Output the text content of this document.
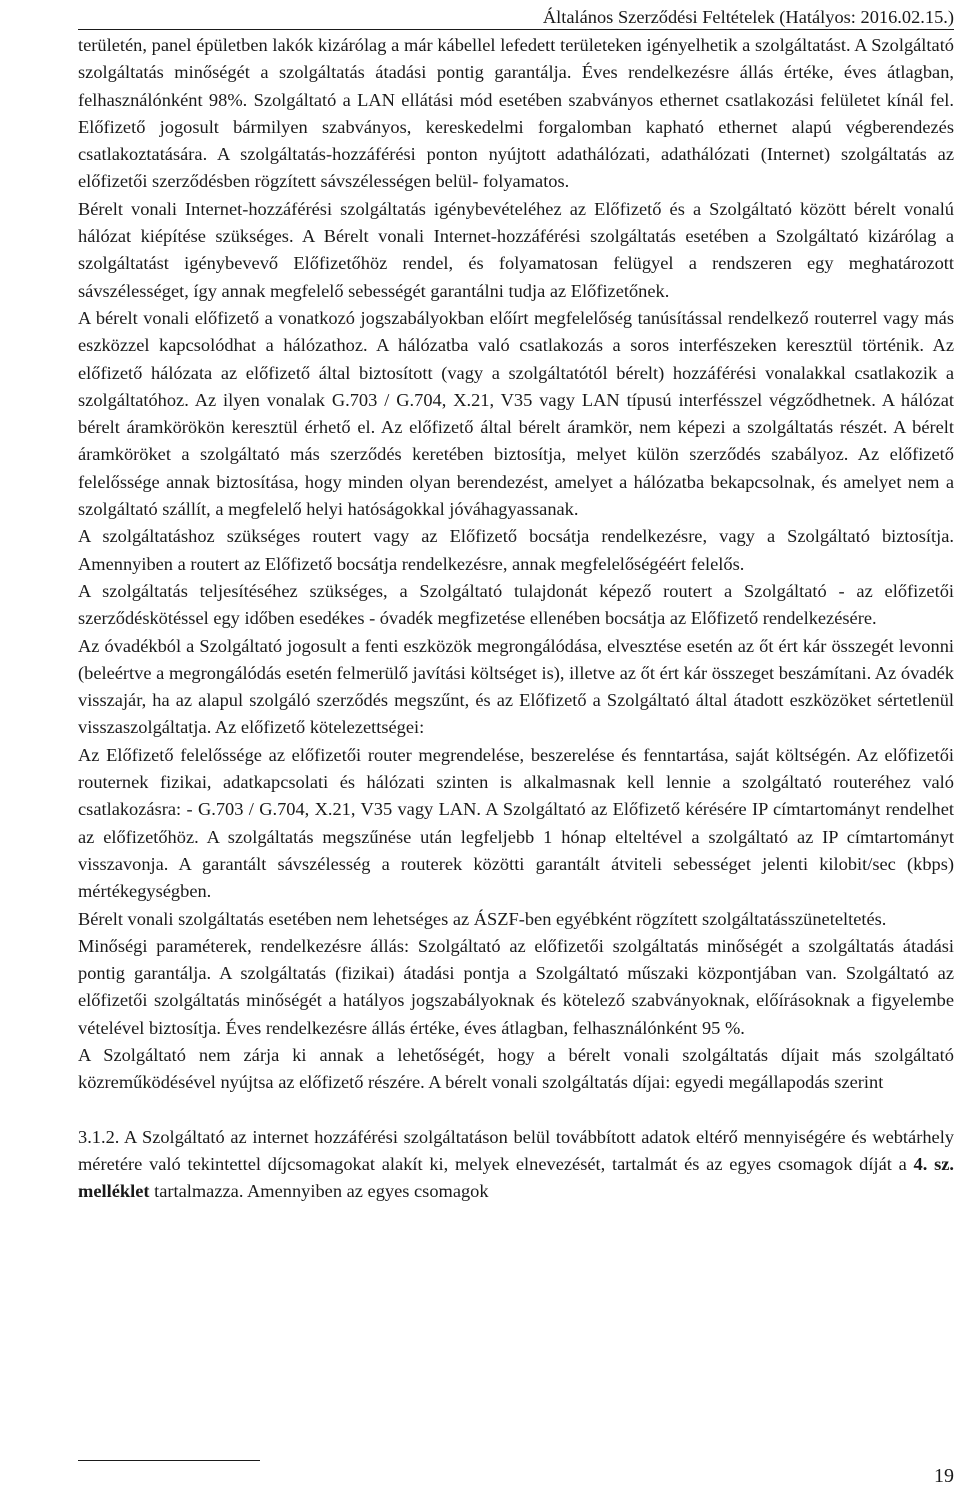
Általános Szerződési Feltételek (Hatályos: 2016.02.15.)

területén, panel épületben lakók kizárólag a már kábellel lefedett területeken igényelhetik a szolgáltatást. A Szolgáltató szolgáltatás minőségét a szolgáltatás átadási pontig garantálja. Éves rendelkezésre állás értéke, éves átlagban, felhasználónként 98%. Szolgáltató a LAN ellátási mód esetében szabványos ethernet csatlakozási felületet kínál fel. Előfizető jogosult bármilyen szabványos, kereskedelmi forgalomban kapható ethernet alapú végberendezés csatlakoztatására. A szolgáltatás-hozzáférési ponton nyújtott adathálózati, adathálózati (Internet) szolgáltatás az előfizetői szerződésben rögzített sávszélességen belül- folyamatos.

Bérelt vonali Internet-hozzáférési szolgáltatás igénybevételéhez az Előfizető és a Szolgáltató között bérelt vonalú hálózat kiépítése szükséges. A Bérelt vonali Internet-hozzáférési szolgáltatás esetében a Szolgáltató kizárólag a szolgáltatást igénybevevő Előfizetőhöz rendel, és folyamatosan felügyel a rendszeren egy meghatározott sávszélességet, így annak megfelelő sebességét garantálni tudja az Előfizetőnek.

A bérelt vonali előfizető a vonatkozó jogszabályokban előírt megfelelőség tanúsítással rendelkező routerrel vagy más eszközzel kapcsolódhat a hálózathoz. A hálózatba való csatlakozás a soros interfészeken keresztül történik. Az előfizető hálózata az előfizető által biztosított (vagy a szolgáltatótól bérelt) hozzáférési vonalakkal csatlakozik a szolgáltatóhoz. Az ilyen vonalak G.703 / G.704, X.21, V35 vagy LAN típusú interfésszel végződhetnek. A hálózat bérelt áramkörökön keresztül érhető el. Az előfizető által bérelt áramkör, nem képezi a szolgáltatás részét. A bérelt áramköröket a szolgáltató más szerződés keretében biztosítja, melyet külön szerződés szabályoz. Az előfizető felelőssége annak biztosítása, hogy minden olyan berendezést, amelyet a hálózatba bekapcsolnak, és amelyet nem a szolgáltató szállít, a megfelelő helyi hatóságokkal jóváhagyassanak.

A szolgáltatáshoz szükséges routert vagy az Előfizető bocsátja rendelkezésre, vagy a Szolgáltató biztosítja. Amennyiben a routert az Előfizető bocsátja rendelkezésre, annak megfelelőségéért felelős.

A szolgáltatás teljesítéséhez szükséges, a Szolgáltató tulajdonát képező routert a Szolgáltató - az előfizetői szerződéskötéssel egy időben esedékes - óvadék megfizetése ellenében bocsátja az Előfizető rendelkezésére.

Az óvadékból a Szolgáltató jogosult a fenti eszközök megrongálódása, elvesztése esetén az őt ért kár összegét levonni (beleértve a megrongálódás esetén felmerülő javítási költséget is), illetve az őt ért kár összeget beszámítani. Az óvadék visszajár, ha az alapul szolgáló szerződés megszűnt, és az Előfizető a Szolgáltató által átadott eszközöket sértetlenül visszaszolgáltatja. Az előfizető kötelezettségei:

Az Előfizető felelőssége az előfizetői router megrendelése, beszerelése és fenntartása, saját költségén. Az előfizetői routernek fizikai, adatkapcsolati és hálózati szinten is alkalmasnak kell lennie a szolgáltató routeréhez való csatlakozásra: - G.703 / G.704, X.21, V35 vagy LAN. A Szolgáltató az Előfizető kérésére IP címtartományt rendelhet az előfizetőhöz. A szolgáltatás megszűnése után legfeljebb 1 hónap elteltével a szolgáltató az IP címtartományt visszavonja. A garantált sávszélesség a routerek közötti garantált átviteli sebességet jelenti kilobit/sec (kbps) mértékegységben.

Bérelt vonali szolgáltatás esetében nem lehetséges az ÁSZF-ben egyébként rögzített szolgáltatásszüneteltetés.

Minőségi paraméterek, rendelkezésre állás: Szolgáltató az előfizetői szolgáltatás minőségét a szolgáltatás átadási pontig garantálja. A szolgáltatás (fizikai) átadási pontja a Szolgáltató műszaki központjában van. Szolgáltató az előfizetői szolgáltatás minőségét a hatályos jogszabályoknak és kötelező szabványoknak, előírásoknak a figyelembe vételével biztosítja. Éves rendelkezésre állás értéke, éves átlagban, felhasználónként 95 %.

A Szolgáltató nem zárja ki annak a lehetőségét, hogy a bérelt vonali szolgáltatás díjait más szolgáltató közreműködésével nyújtsa az előfizető részére. A bérelt vonali szolgáltatás díjai: egyedi megállapodás szerint

3.1.2. A Szolgáltató az internet hozzáférési szolgáltatáson belül továbbított adatok eltérő mennyiségére és webtárhely méretére való tekintettel díjcsomagokat alakít ki, melyek elnevezését, tartalmát és az egyes csomagok díját a 4. sz. melléklet tartalmazza. Amennyiben az egyes csomagok

19
